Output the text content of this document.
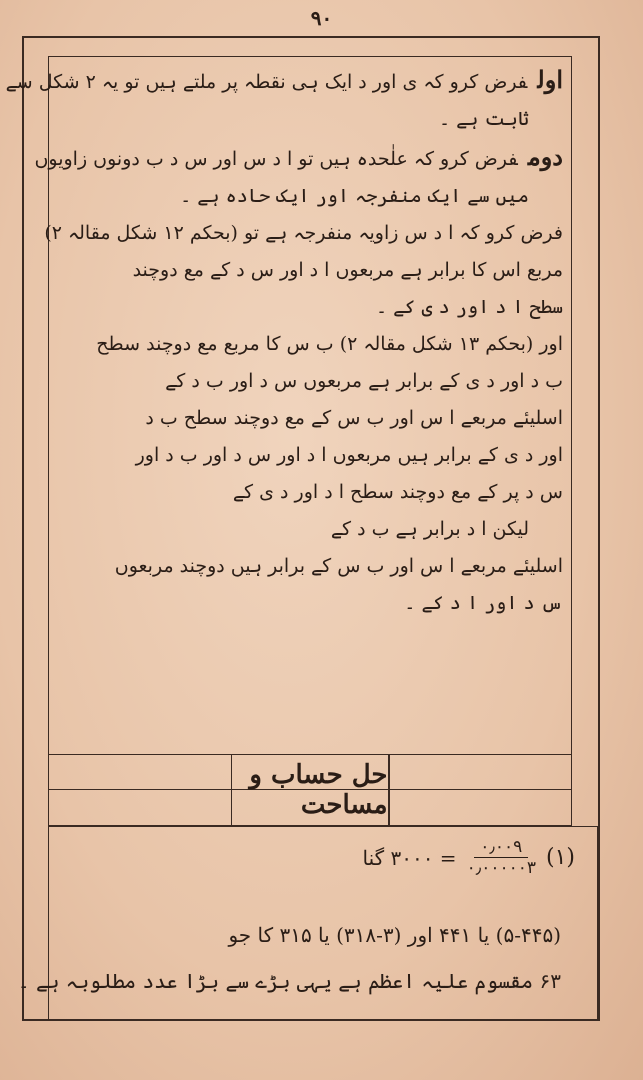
۹۰
اولفرض کرو کہ ی اور د ایک ہی نقطہ پر ملتے ہیں تو یہ ۲ شکل سے
ثابت ہے ۔
دومفرض کرو کہ علٰحدہ ہیں تو ا د س اور س د ب دونوں زاویوں
میں سے ایک منفرجہ اور ایک حادہ ہے ۔
فرض کرو کہ ا د س زاویہ منفرجہ ہے تو (بحکم ۱۲ شکل مقالہ ۲)
مربع اس کا برابر ہے مربعوں ا د اور س د کے مع دوچند
سطح ا د اور د ی کے ۔
اور (بحکم ۱۳ شکل مقالہ ۲) ب س کا مربع مع دوچند سطح
ب د اور د ی کے برابر ہے مربعوں س د اور ب د کے
اسلیئے مربعے ا س اور ب س کے مع دوچند سطح ب د
اور د ی کے برابر ہیں مربعوں ا د اور س د اور ب د اور
س د پر کے مع دوچند سطح ا د اور د ی کے
لیکن ا د برابر ہے ب د کے
اسلیئے مربعے ا س اور ب س کے برابر ہیں دوچند مربعوں
س د اور ا د کے ۔
حل حساب و مساحت
= ۳۰۰۰ گنا $\frac{۰٫۰۰۹}{۰٫۰۰۰۰۰۳}$ (۱)
(۵-۴۴۵) یا ۴۴۱ اور (۳-۳۱۸) یا ۳۱۵ کا جو
۶۳ مقسوم علیہ اعظم ہے یہی بڑے سے بڑا عدد مطلوبہ ہے ۔
